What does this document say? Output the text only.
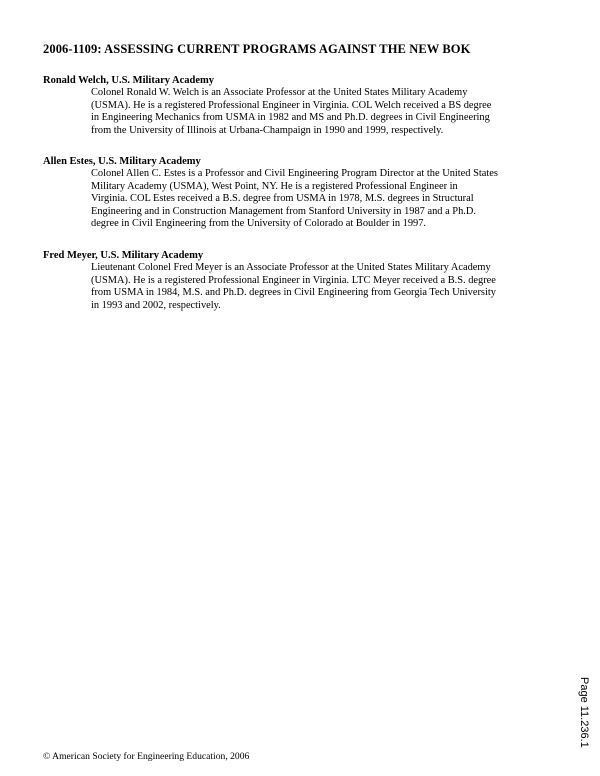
2006-1109: ASSESSING CURRENT PROGRAMS AGAINST THE NEW BOK
Ronald Welch, U.S. Military Academy
Colonel Ronald W. Welch is an Associate Professor at the United States Military Academy
(USMA). He is a registered Professional Engineer in Virginia. COL Welch received a BS degree
in Engineering Mechanics from USMA in 1982 and MS and Ph.D. degrees in Civil Engineering
from the University of Illinois at Urbana-Champaign in 1990 and 1999, respectively.
Allen Estes, U.S. Military Academy
Colonel Allen C. Estes is a Professor and Civil Engineering Program Director at the United States
Military Academy (USMA), West Point, NY. He is a registered Professional Engineer in
Virginia. COL Estes received a B.S. degree from USMA in 1978, M.S. degrees in Structural
Engineering and in Construction Management from Stanford University in 1987 and a Ph.D.
degree in Civil Engineering from the University of Colorado at Boulder in 1997.
Fred Meyer, U.S. Military Academy
Lieutenant Colonel Fred Meyer is an Associate Professor at the United States Military Academy
(USMA). He is a registered Professional Engineer in Virginia. LTC Meyer received a B.S. degree
from USMA in 1984, M.S. and Ph.D. degrees in Civil Engineering from Georgia Tech University
in 1993 and 2002, respectively.
© American Society for Engineering Education, 2006
Page 11.236.1
